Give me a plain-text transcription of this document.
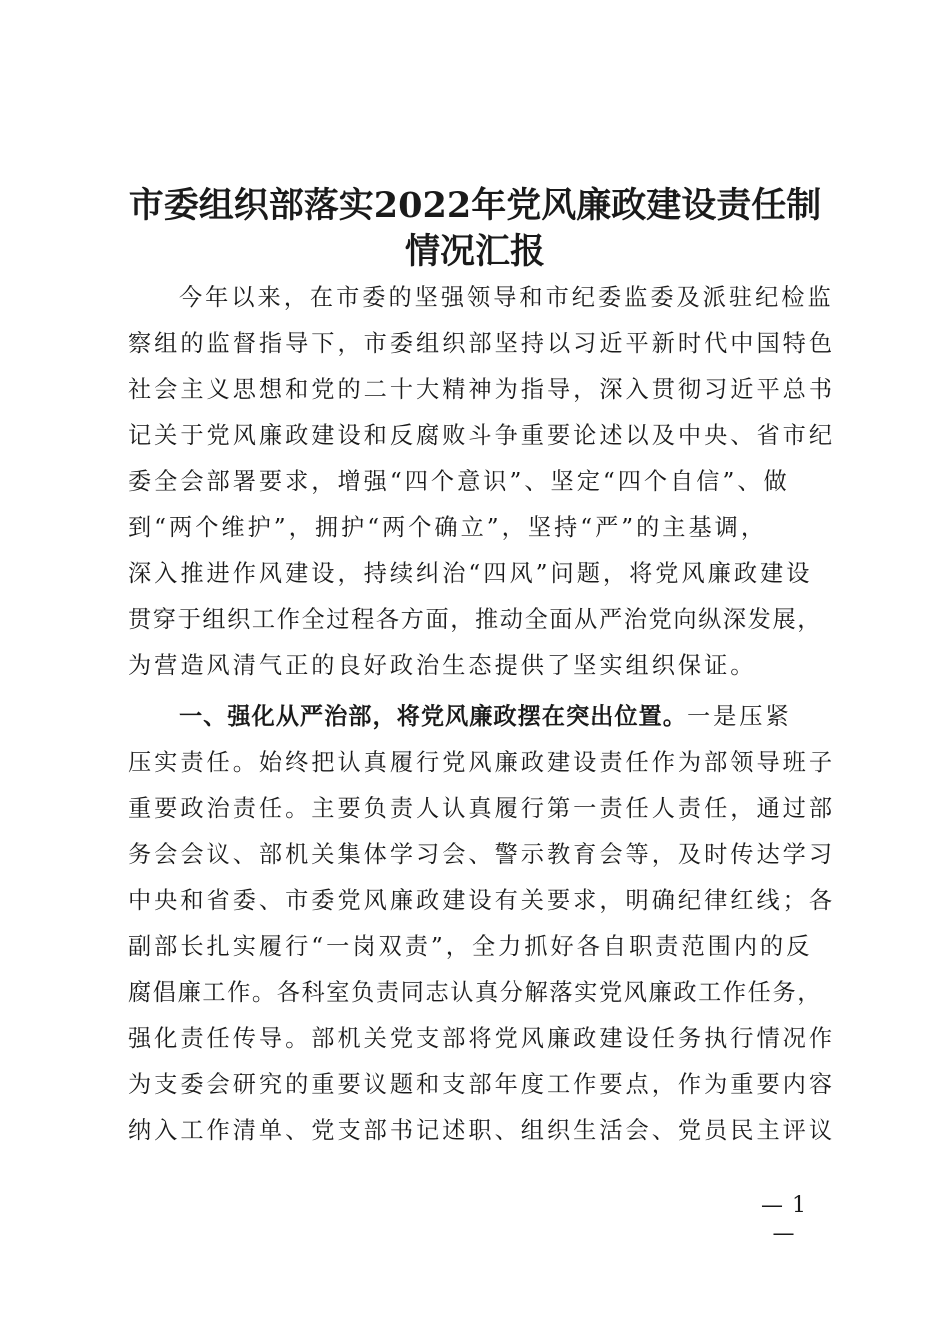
市委组织部落实2022年党风廉政建设责任制
情况汇报
今年以来，在市委的坚强领导和市纪委监委及派驻纪检监
察组的监督指导下，市委组织部坚持以习近平新时代中国特色
社会主义思想和党的二十大精神为指导，深入贯彻习近平总书
记关于党风廉政建设和反腐败斗争重要论述以及中央、省市纪
委全会部署要求，增强“四个意识”、坚定“四个自信”、做
到“两个维护”，拥护“两个确立”，坚持“严”的主基调，
深入推进作风建设，持续纠治“四风”问题，将党风廉政建设
贯穿于组织工作全过程各方面，推动全面从严治党向纵深发展，
为营造风清气正的良好政治生态提供了坚实组织保证。
一、强化从严治部，将党风廉政摆在突出位置。一是压紧
压实责任。始终把认真履行党风廉政建设责任作为部领导班子
重要政治责任。主要负责人认真履行第一责任人责任，通过部
务会会议、部机关集体学习会、警示教育会等，及时传达学习
中央和省委、市委党风廉政建设有关要求，明确纪律红线；各
副部长扎实履行“一岗双责”，全力抓好各自职责范围内的反
腐倡廉工作。各科室负责同志认真分解落实党风廉政工作任务，
强化责任传导。部机关党支部将党风廉政建设任务执行情况作
为支委会研究的重要议题和支部年度工作要点，作为重要内容
纳入工作清单、党支部书记述职、组织生活会、党员民主评议
— 1 —
